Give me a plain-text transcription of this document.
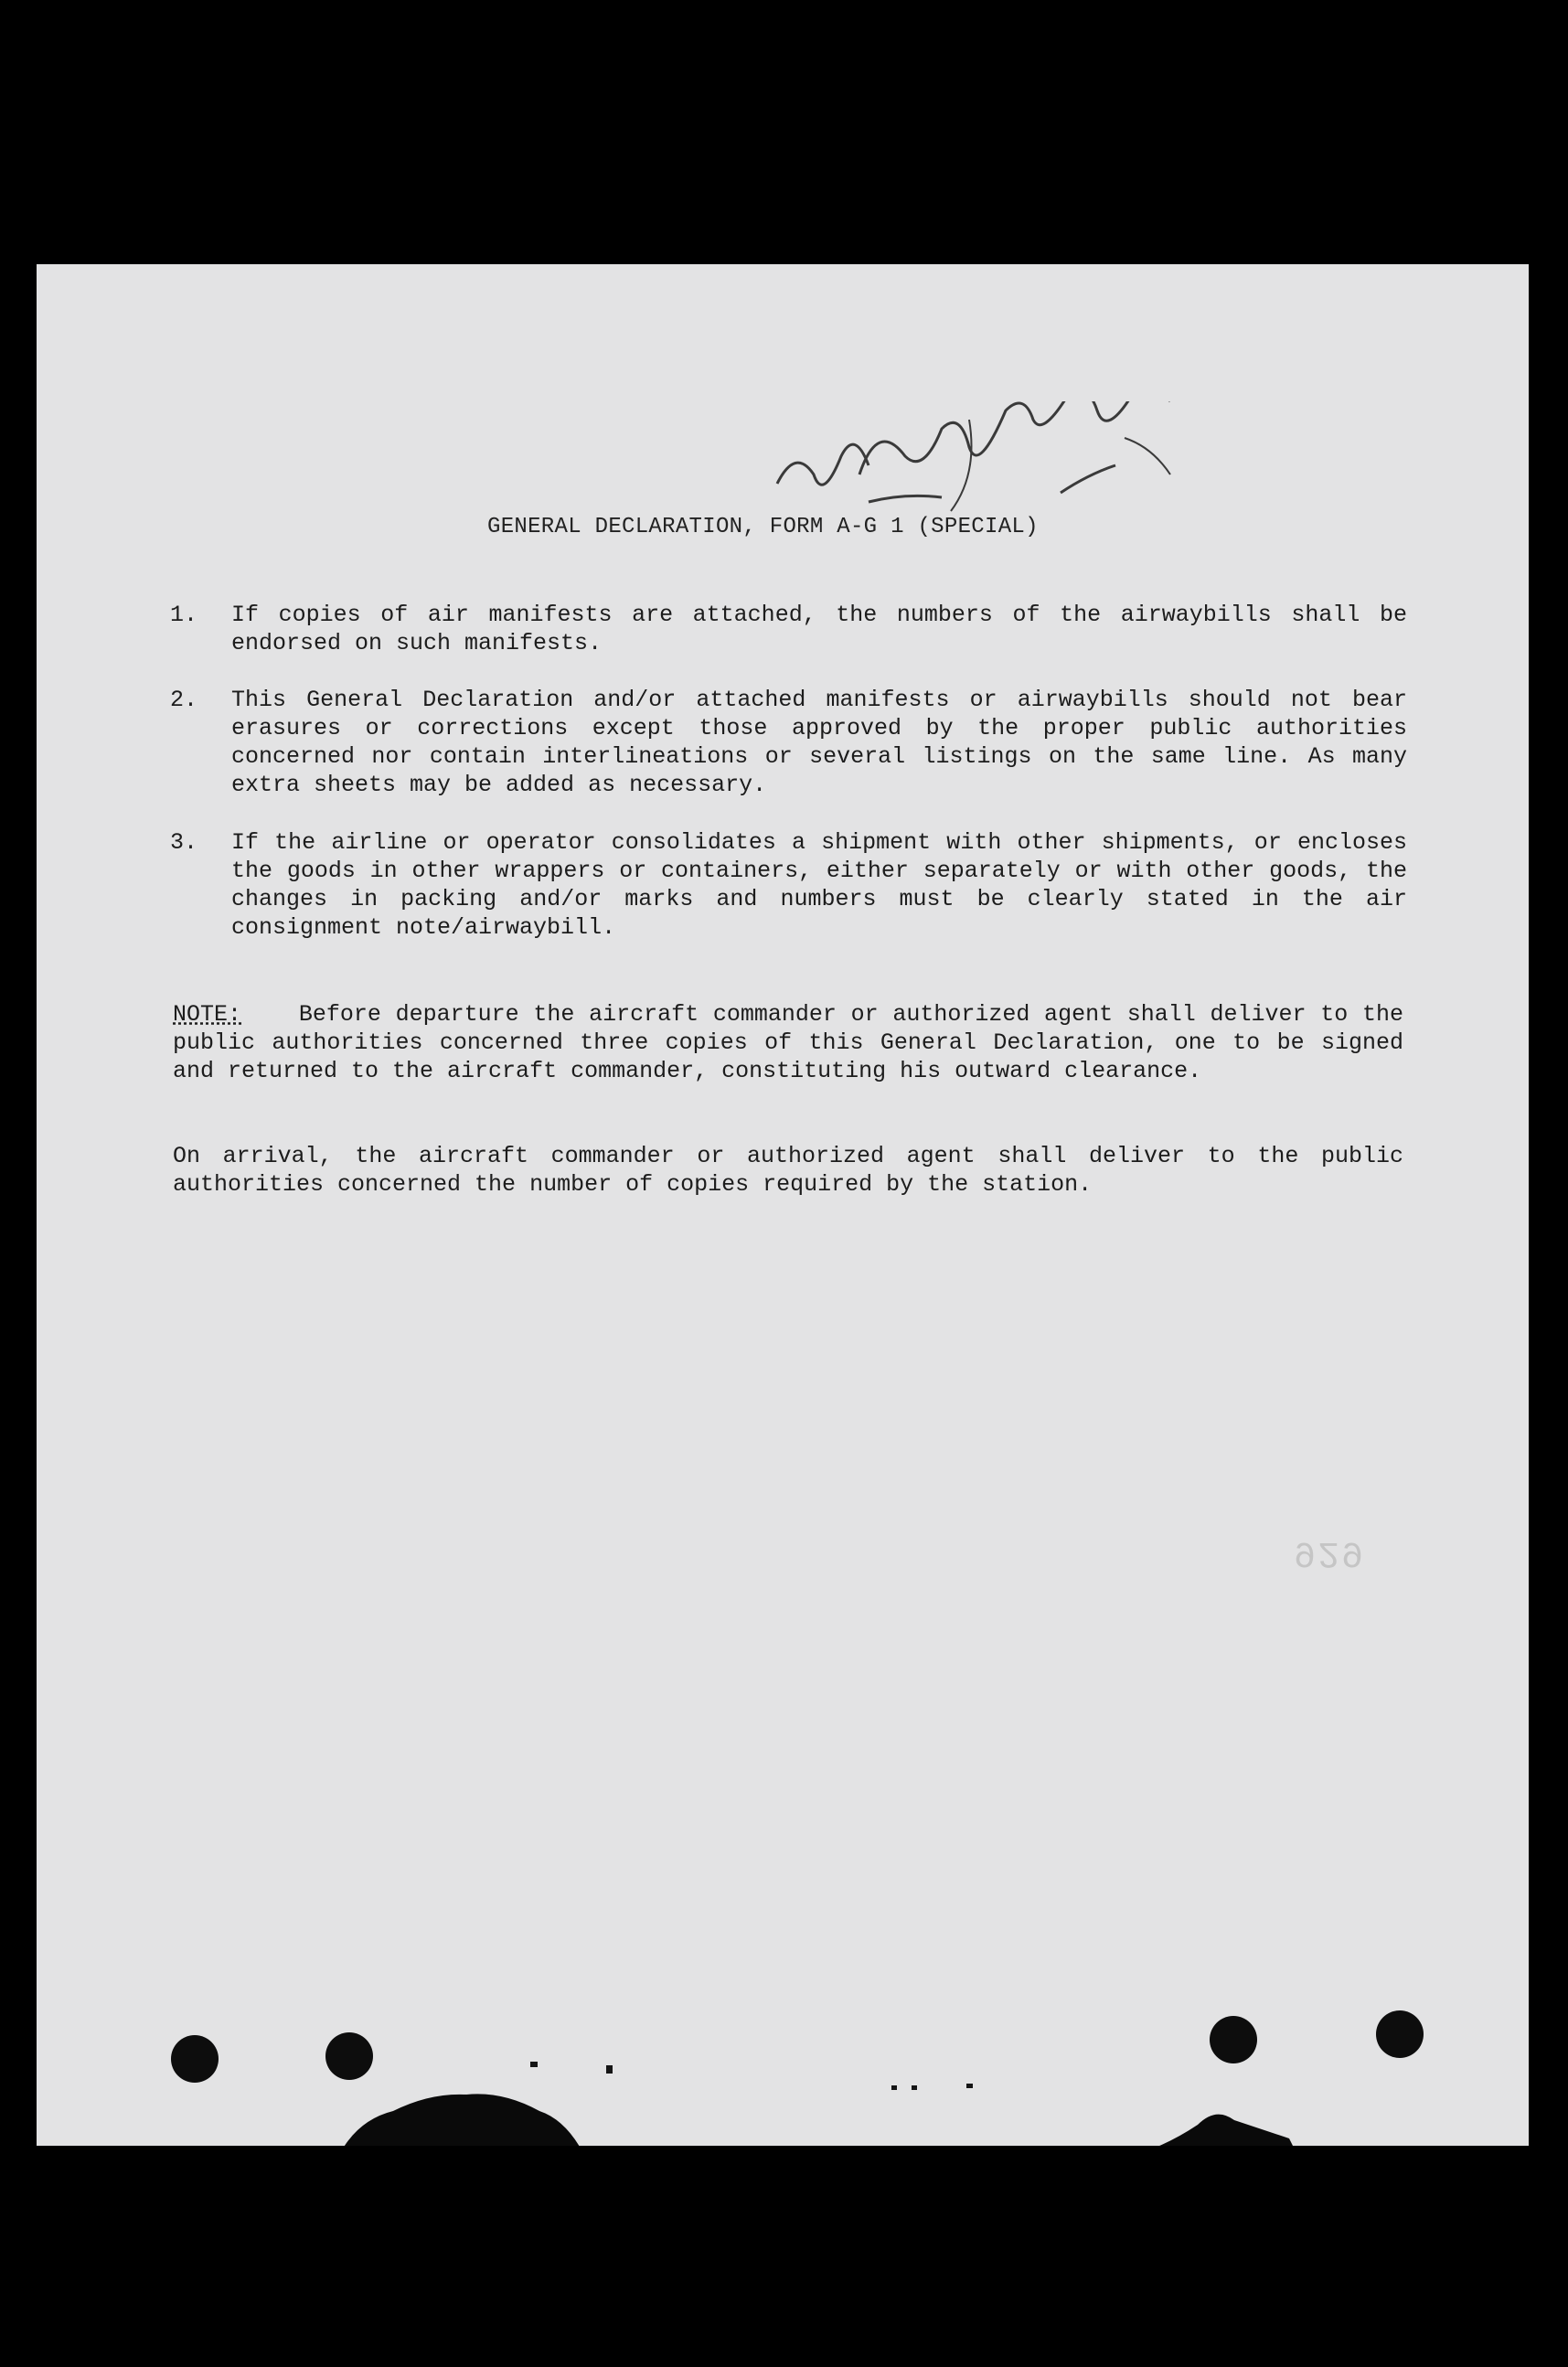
GENERAL DECLARATION, FORM A-G 1 (SPECIAL)
1. If copies of air manifests are attached, the numbers of the airwaybills shall be endorsed on such manifests.
2. This General Declaration and/or attached manifests or airwaybills should not bear erasures or corrections except those approved by the proper public authorities concerned nor contain interlineations or several listings on the same line. As many extra sheets may be added as necessary.
3. If the airline or operator consolidates a shipment with other shipments, or encloses the goods in other wrappers or containers, either separately or with other goods, the changes in packing and/or marks and numbers must be clearly stated in the air consignment note/airwaybill.
NOTE:	Before departure the aircraft commander or authorized agent shall deliver to the public authorities concerned three copies of this General Declaration, one to be signed and returned to the aircraft commander, constituting his outward clearance.
On arrival, the aircraft commander or authorized agent shall deliver to the public authorities concerned the number of copies required by the station.
929
